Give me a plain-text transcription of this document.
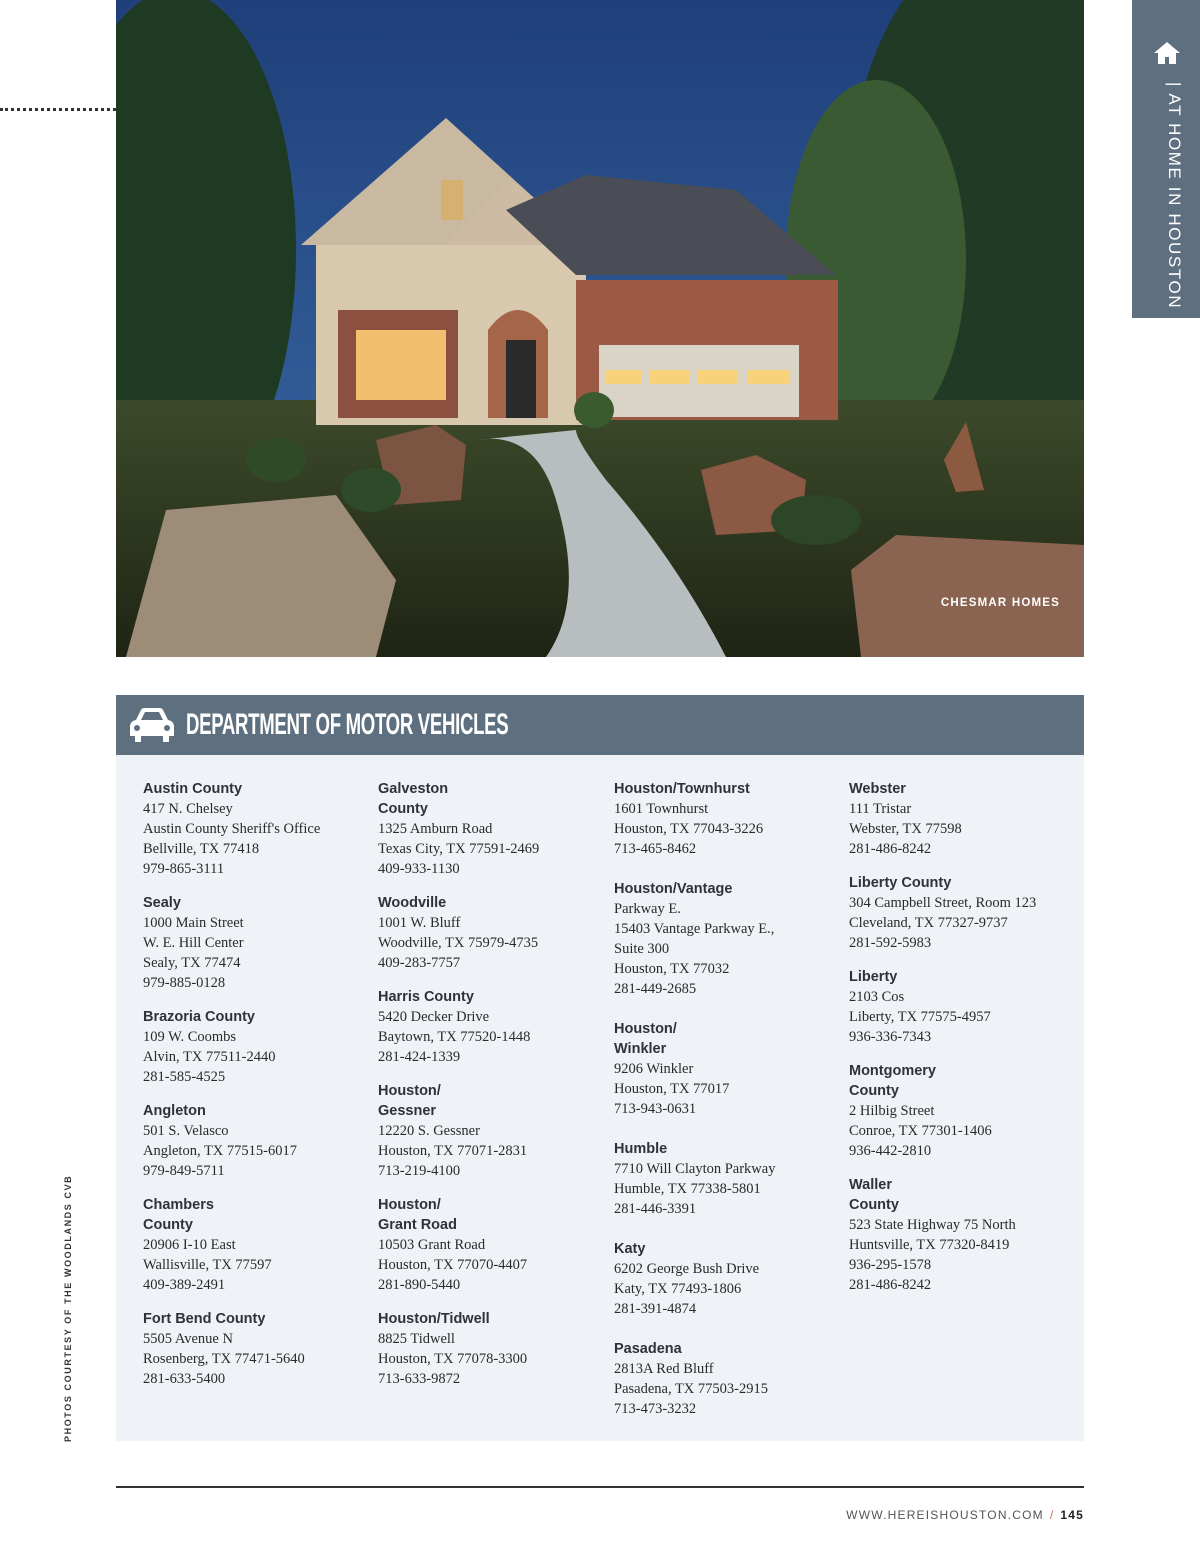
CHESMAR HOMES
| AT HOME IN HOUSTON
DEPARTMENT OF MOTOR VEHICLES
Austin County
417 N. Chelsey
Austin County Sheriff's Office
Bellville, TX 77418
979-865-3111
Sealy
1000 Main Street
W. E. Hill Center
Sealy, TX 77474
979-885-0128
Brazoria County
109 W. Coombs
Alvin, TX 77511-2440
281-585-4525
Angleton
501 S. Velasco
Angleton, TX 77515-6017
979-849-5711
Chambers
County
20906 I-10 East
Wallisville, TX 77597
409-389-2491
Fort Bend County
5505 Avenue N
Rosenberg, TX 77471-5640
281-633-5400
Galveston
County
1325 Amburn Road
Texas City, TX 77591-2469
409-933-1130
Woodville
1001 W. Bluff
Woodville, TX 75979-4735
409-283-7757
Harris County
5420 Decker Drive
Baytown, TX 77520-1448
281-424-1339
Houston/
Gessner
12220 S. Gessner
Houston, TX 77071-2831
713-219-4100
Houston/
Grant Road
10503 Grant Road
Houston, TX 77070-4407
281-890-5440
Houston/Tidwell
8825 Tidwell
Houston, TX 77078-3300
713-633-9872
Houston/Townhurst
1601 Townhurst
Houston, TX 77043-3226
713-465-8462
Houston/Vantage
Parkway E.
15403 Vantage Parkway E.,
Suite 300
Houston, TX 77032
281-449-2685
Houston/
Winkler
9206 Winkler
Houston, TX 77017
713-943-0631
Humble
7710 Will Clayton Parkway
Humble, TX 77338-5801
281-446-3391
Katy
6202 George Bush Drive
Katy, TX 77493-1806
281-391-4874
Pasadena
2813A Red Bluff
Pasadena, TX 77503-2915
713-473-3232
Webster
111 Tristar
Webster, TX 77598
281-486-8242
Liberty County
304 Campbell Street, Room 123
Cleveland, TX 77327-9737
281-592-5983
Liberty
2103 Cos
Liberty, TX 77575-4957
936-336-7343
Montgomery
County
2 Hilbig Street
Conroe, TX 77301-1406
936-442-2810
Waller
County
523 State Highway 75 North
Huntsville, TX 77320-8419
936-295-1578
281-486-8242
PHOTOS COURTESY OF THE WOODLANDS CVB
WWW.HEREISHOUSTON.COM / 145
